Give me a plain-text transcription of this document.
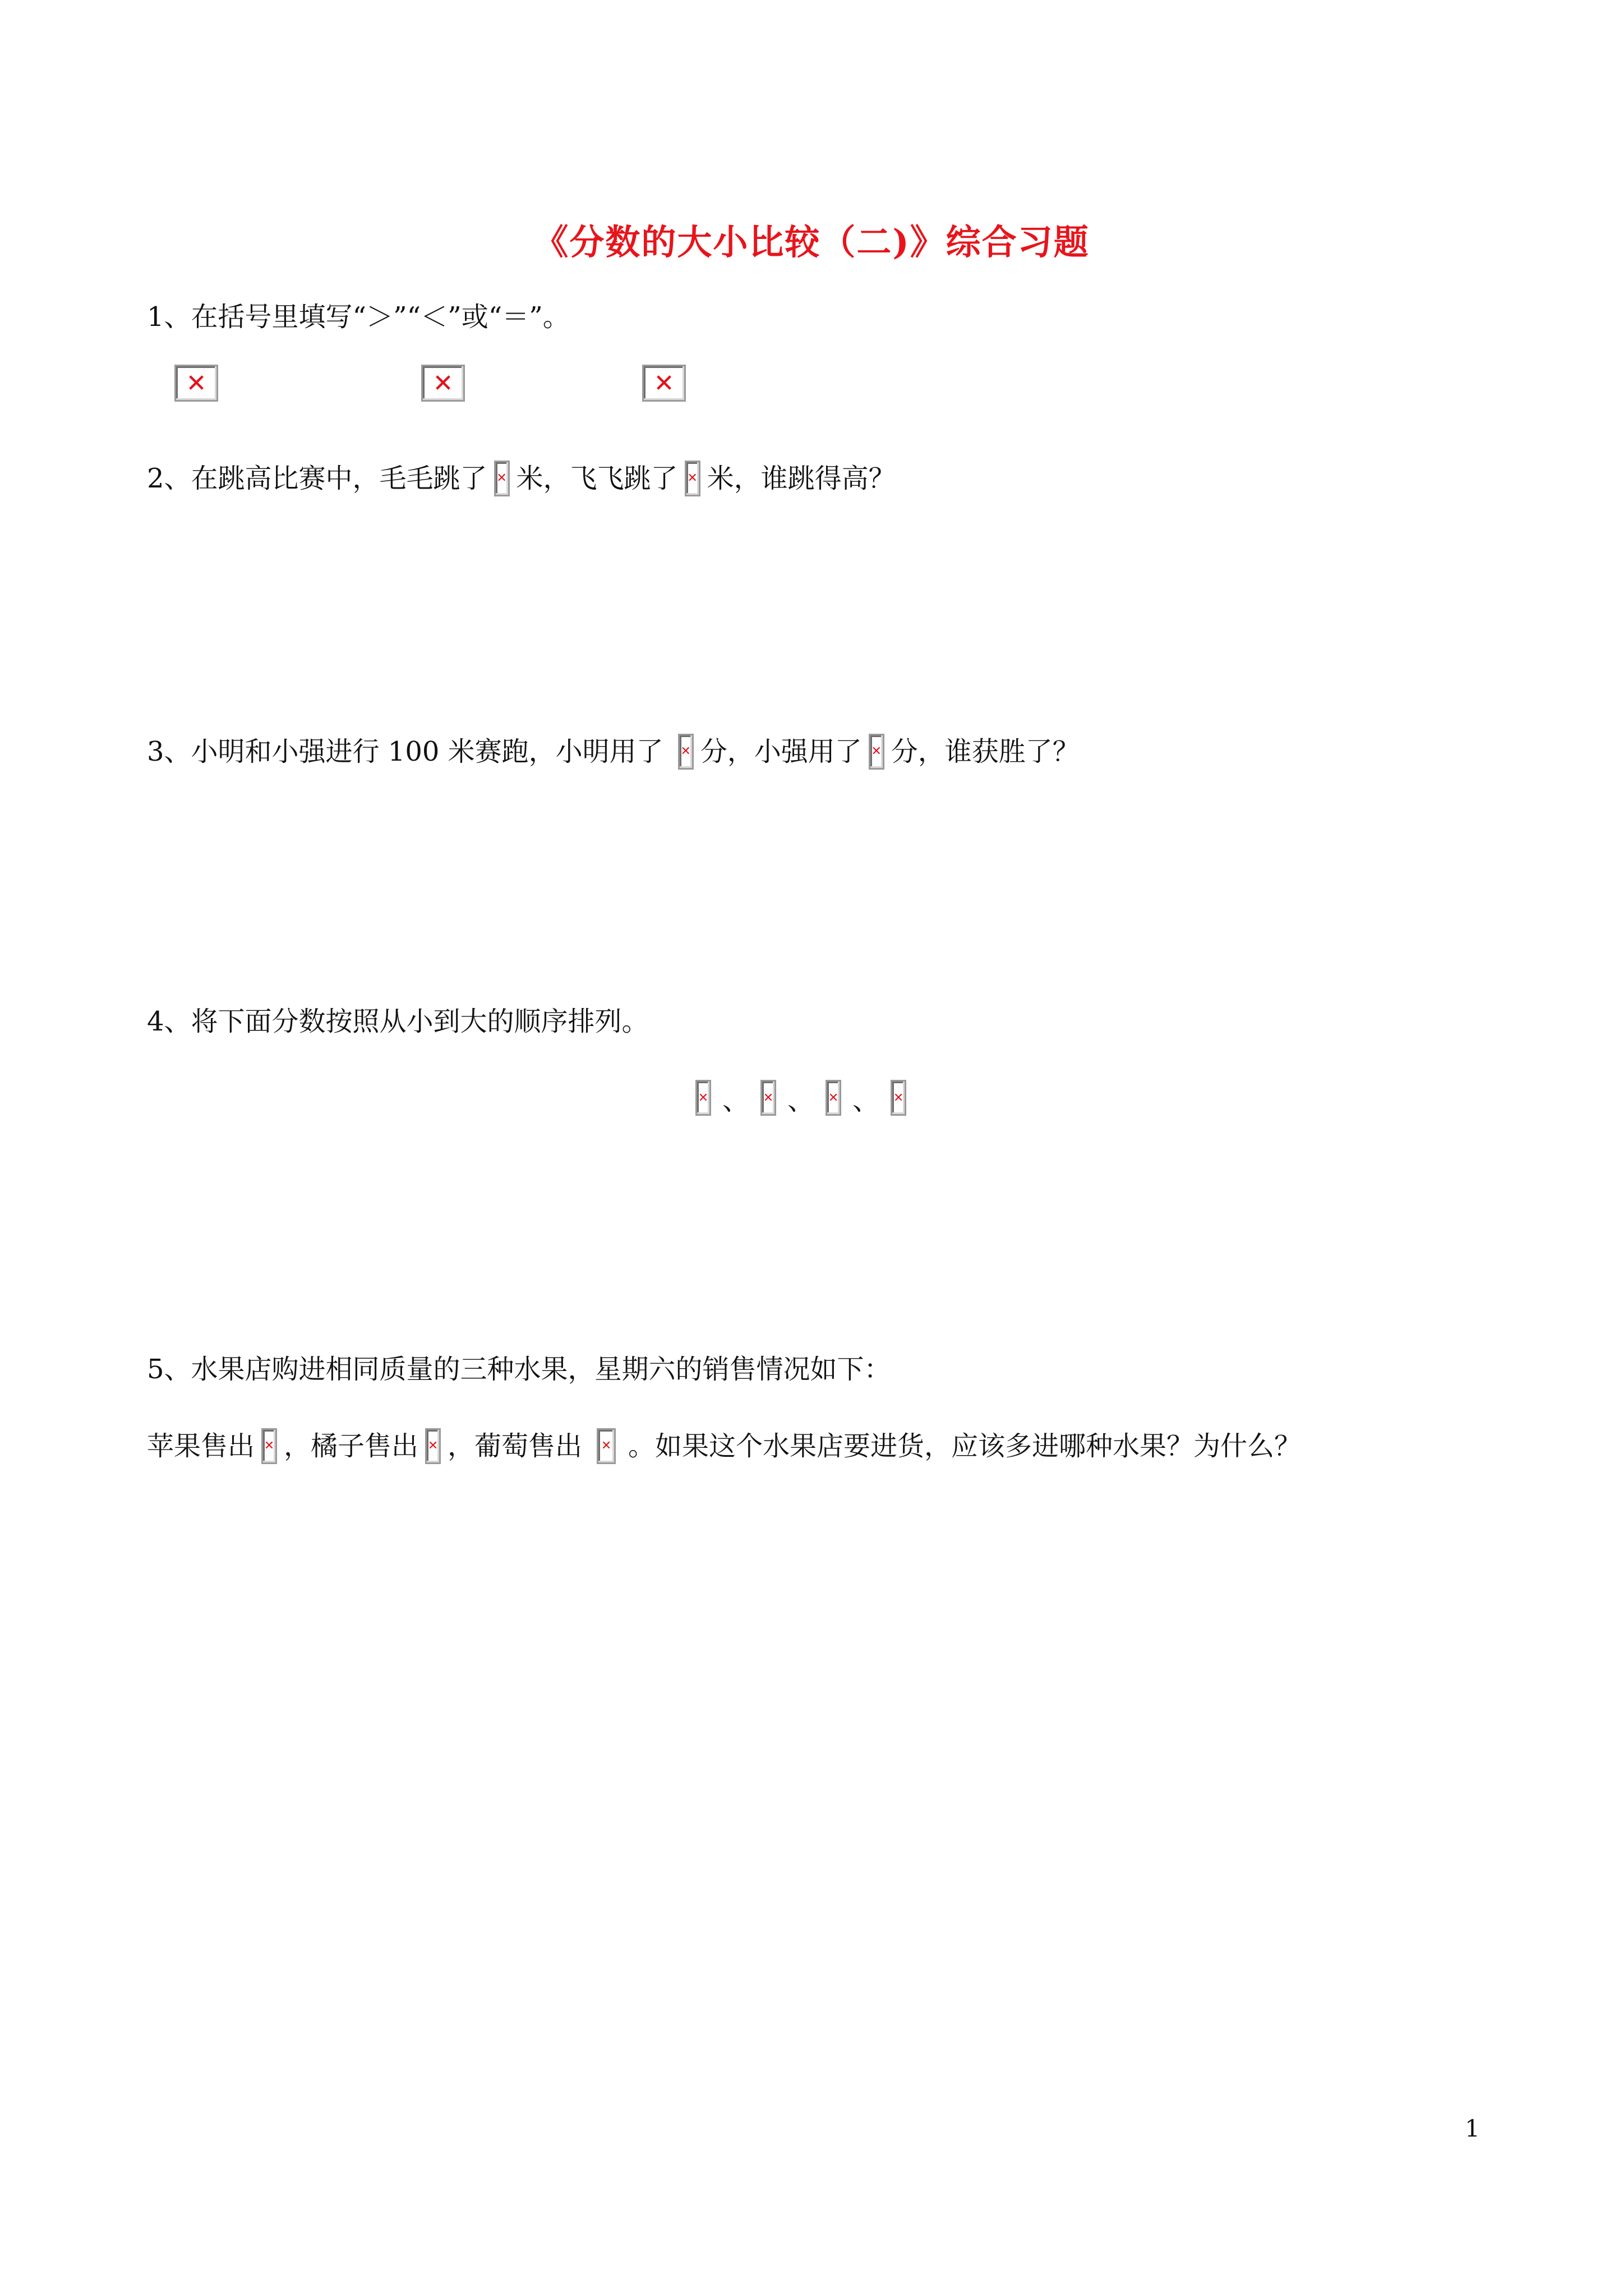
《分数的大小比较（二)》综合习题
1、在括号里填写“＞”“＜”或“＝”。
✕	✕	✕
2、在跳高比赛中，毛毛跳了 ✕ 米，飞飞跳了 ✕ 米，谁跳得高？
3、小明和小强进行 100 米赛跑，小明用了 ✕ 分，小强用了 ✕ 分，谁获胜了？
4、将下面分数按照从小到大的顺序排列。
✕ 、 ✕ 、 ✕ 、 ✕
5、水果店购进相同质量的三种水果，星期六的销售情况如下：
苹果售出 ✕ ，橘子售出 ✕ ，葡萄售出 ✕ 。如果这个水果店要进货，应该多进哪种水果？为什么？
1
